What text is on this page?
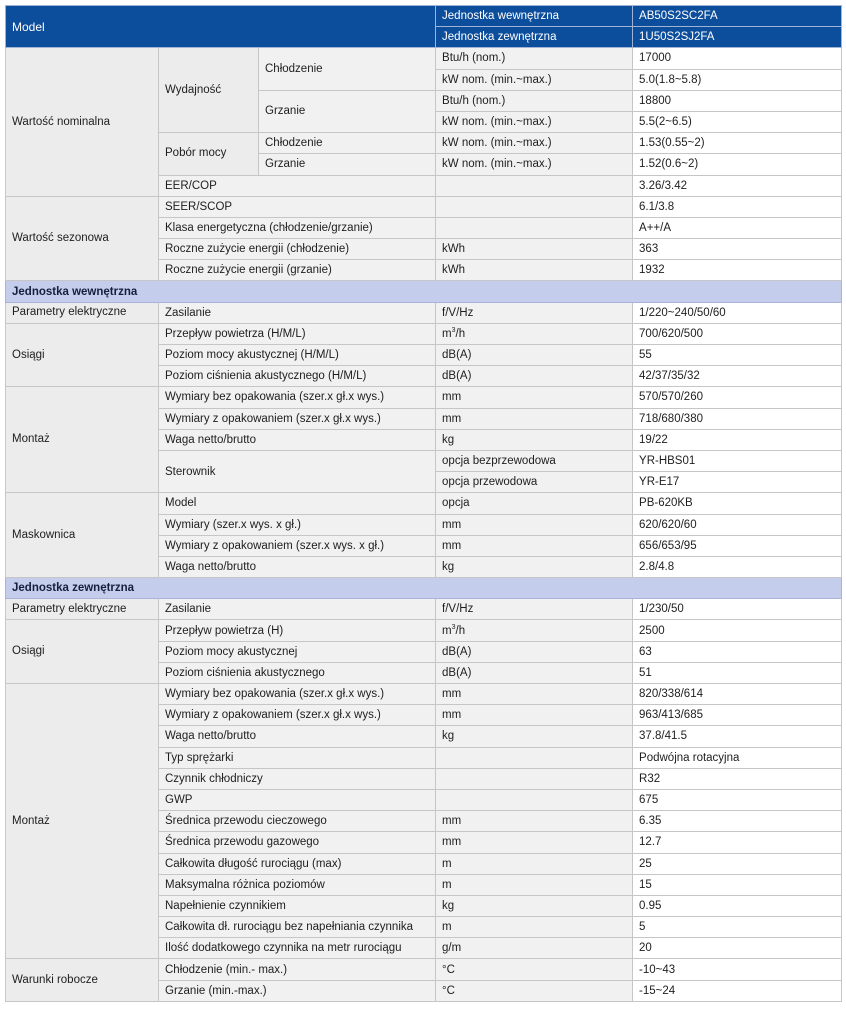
Model			Jednostka wewnętrzna	AB50S2SC2FA
			Jednostka zewnętrzna	1U50S2SJ2FA
Wartość nominalna	Wydajność	Chłodzenie	Btu/h (nom.)	17000
			kW nom. (min.~max.)	5.0(1.8~5.8)
		Grzanie	Btu/h (nom.)	18800
			kW nom. (min.~max.)	5.5(2~6.5)
	Pobór mocy	Chłodzenie	kW nom. (min.~max.)	1.53(0.55~2)
		Grzanie	kW nom. (min.~max.)	1.52(0.6~2)
	EER/COP			3.26/3.42
Wartość sezonowa	SEER/SCOP			6.1/3.8
	Klasa energetyczna (chłodzenie/grzanie)			A++/A
	Roczne zużycie energii (chłodzenie)		kWh	363
	Roczne zużycie energii (grzanie)		kWh	1932
Jednostka wewnętrzna				
Parametry elektryczne	Zasilanie		f/V/Hz	1/220~240/50/60
Osiągi	Przepływ powietrza (H/M/L)		$m^3/h$	700/620/500
	Poziom mocy akustycznej (H/M/L)		dB(A)	55
	Poziom ciśnienia akustycznego (H/M/L)		dB(A)	42/37/35/32
Montaż	Wymiary bez opakowania (szer.x gł.x wys.)		mm	570/570/260
	Wymiary z opakowaniem (szer.x gł.x wys.)		mm	718/680/380
	Waga netto/brutto		kg	19/22
	Sterownik		opcja bezprzewodowa	YR-HBS01
			opcja przewodowa	YR-E17
Maskownica	Model		opcja	PB-620KB
	Wymiary (szer.x wys. x gł.)		mm	620/620/60
	Wymiary z opakowaniem (szer.x wys. x gł.)		mm	656/653/95
	Waga netto/brutto		kg	2.8/4.8
Jednostka zewnętrzna				
Parametry elektryczne	Zasilanie		f/V/Hz	1/230/50
Osiągi	Przepływ powietrza (H)		$m^3/h$	2500
	Poziom mocy akustycznej		dB(A)	63
	Poziom ciśnienia akustycznego		dB(A)	51
Montaż	Wymiary bez opakowania (szer.x gł.x wys.)		mm	820/338/614
	Wymiary z opakowaniem (szer.x gł.x wys.)		mm	963/413/685
	Waga netto/brutto		kg	37.8/41.5
	Typ sprężarki			Podwójna rotacyjna
	Czynnik chłodniczy			R32
	GWP			675
	Średnica przewodu cieczowego		mm	6.35
	Średnica przewodu gazowego		mm	12.7
	Całkowita długość rurociągu (max)		m	25
	Maksymalna różnica poziomów		m	15
	Napełnienie czynnikiem		kg	0.95
	Całkowita dł. rurociągu bez napełniania czynnika		m	5
	Ilość dodatkowego czynnika na metr rurociągu		g/m	20
Warunki robocze	Chłodzenie (min.- max.)		°C	-10~43
	Grzanie (min.-max.)		°C	-15~24
